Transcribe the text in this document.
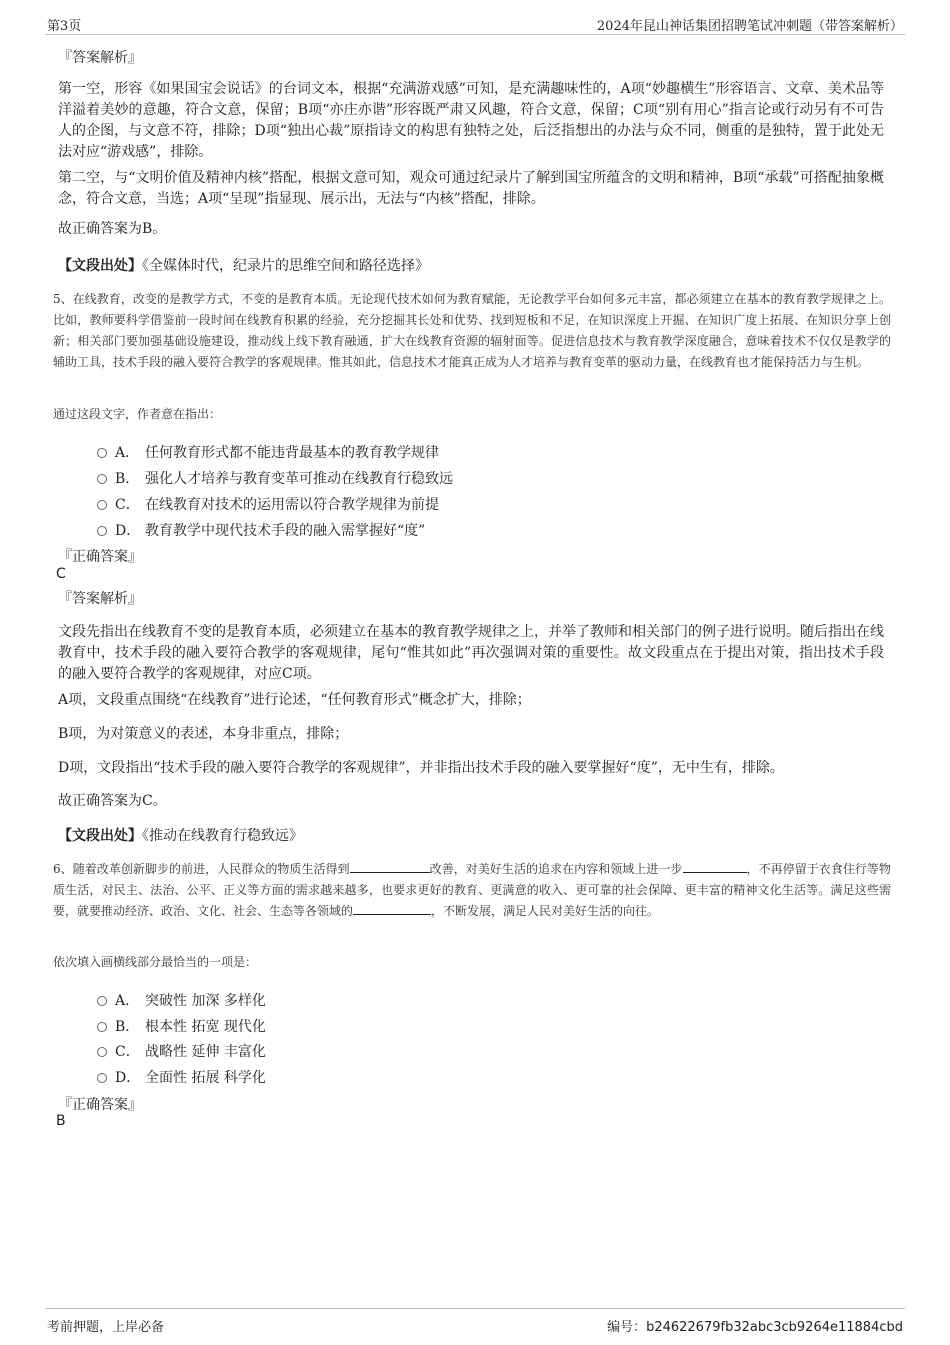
第3页	2024年昆山神话集团招聘笔试冲刺题（带答案解析）
『答案解析』
第一空，形容《如果国宝会说话》的台词文本，根据“充满游戏感”可知，是充满趣味性的，A项“妙趣横生”形容语言、文章、美术品等洋溢着美妙的意趣，符合文意，保留；B项“亦庄亦谐”形容既严肃又风趣，符合文意，保留；C项“别有用心”指言论或行动另有不可告人的企图，与文意不符，排除；D项“独出心裁”原指诗文的构思有独特之处，后泛指想出的办法与众不同，侧重的是独特，置于此处无法对应“游戏感”，排除。
第二空，与“文明价值及精神内核”搭配，根据文意可知，观众可通过纪录片了解到国宝所蕴含的文明和精神，B项“承载”可搭配抽象概念，符合文意，当选；A项“呈现”指显现、展示出，无法与“内核”搭配，排除。
故正确答案为B。
【文段出处】《全媒体时代，纪录片的思维空间和路径选择》
5、在线教育，改变的是教学方式，不变的是教育本质。无论现代技术如何为教育赋能，无论教学平台如何多元丰富，都必须建立在基本的教育教学规律之上。比如，教师要科学借鉴前一段时间在线教育积累的经验，充分挖掘其长处和优势、找到短板和不足，在知识深度上开掘、在知识广度上拓展、在知识分享上创新；相关部门要加强基础设施建设，推动线上线下教育融通，扩大在线教育资源的辐射面等。促进信息技术与教育教学深度融合，意味着技术不仅仅是教学的辅助工具，技术手段的融入要符合教学的客观规律。惟其如此，信息技术才能真正成为人才培养与教育变革的驱动力量，在线教育也才能保持活力与生机。
通过这段文字，作者意在指出：
A． 任何教育形式都不能违背最基本的教育教学规律
B． 强化人才培养与教育变革可推动在线教育行稳致远
C． 在线教育对技术的运用需以符合教学规律为前提
D． 教育教学中现代技术手段的融入需掌握好“度”
『正确答案』
C
『答案解析』
文段先指出在线教育不变的是教育本质，必须建立在基本的教育教学规律之上，并举了教师和相关部门的例子进行说明。随后指出在线教育中，技术手段的融入要符合教学的客观规律，尾句“惟其如此”再次强调对策的重要性。故文段重点在于提出对策，指出技术手段的融入要符合教学的客观规律，对应C项。
A项，文段重点围绕“在线教育”进行论述，“任何教育形式”概念扩大，排除；
B项，为对策意义的表述，本身非重点，排除；
D项，文段指出“技术手段的融入要符合教学的客观规律”，并非指出技术手段的融入要掌握好“度”，无中生有，排除。
故正确答案为C。
【文段出处】《推动在线教育行稳致远》
6、随着改革创新脚步的前进，人民群众的物质生活得到	改善，对美好生活的追求在内容和领域上进一步	，不再停留于衣食住行等物质生活，对民主、法治、公平、正义等方面的需求越来越多，也要求更好的教育、更满意的收入、更可靠的社会保障、更丰富的精神文化生活等。满足这些需要，就要推动经济、政治、文化、社会、生态等各领域的	，不断发展，满足人民对美好生活的向往。
依次填入画横线部分最恰当的一项是：
A． 突破性 加深 多样化
B． 根本性 拓宽 现代化
C． 战略性 延伸 丰富化
D． 全面性 拓展 科学化
『正确答案』
B
考前押题，上岸必备	编号：b24622679fb32abc3cb9264e11884cbd
